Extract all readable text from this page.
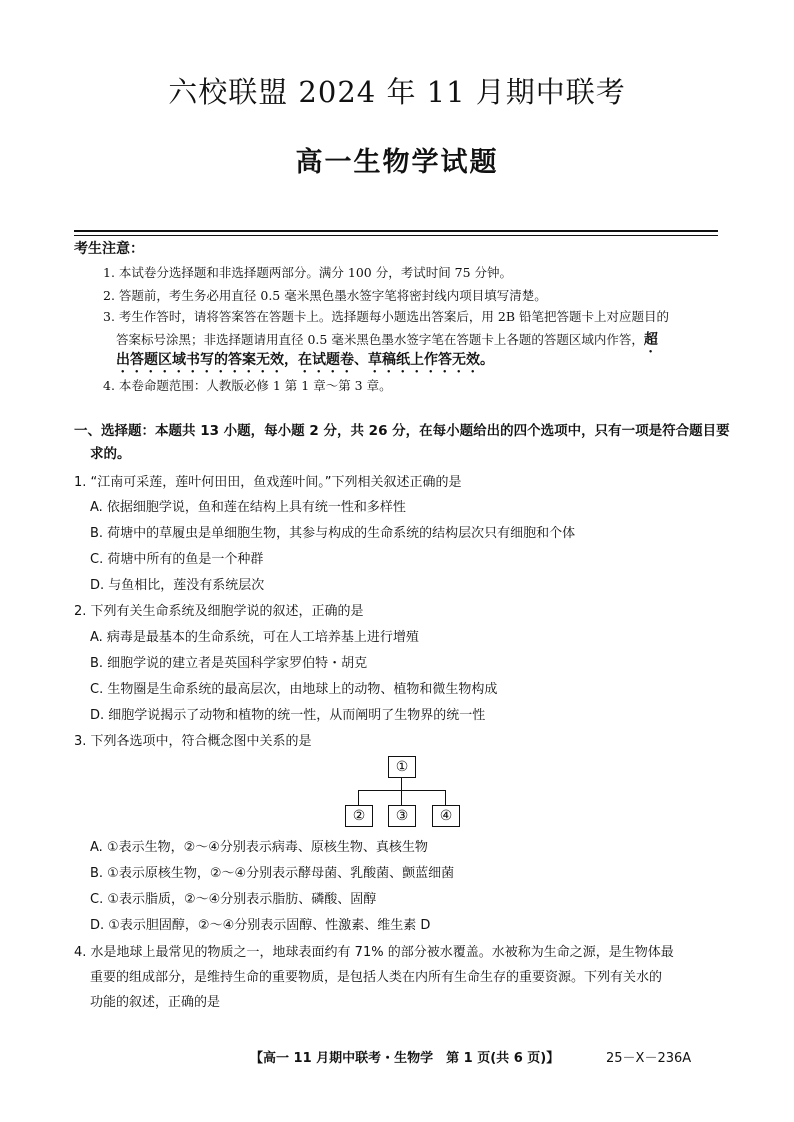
六校联盟 2024 年 11 月期中联考
高一生物学试题
考生注意：
1. 本试卷分选择题和非选择题两部分。满分 100 分，考试时间 75 分钟。
2. 答题前，考生务必用直径 0.5 毫米黑色墨水签字笔将密封线内项目填写清楚。
3. 考生作答时，请将答案答在答题卡上。选择题每小题选出答案后，用 2B 铅笔把答题卡上对应题目的
答案标号涂黑；非选择题请用直径 0.5 毫米黑色墨水签字笔在答题卡上各题的答题区域内作答，超
出答题区域书写的答案无效，在试题卷、草稿纸上作答无效。
4. 本卷命题范围：人教版必修 1 第 1 章～第 3 章。
一、选择题：本题共 13 小题，每小题 2 分，共 26 分，在每小题给出的四个选项中，只有一项是符合题目要
求的。
1. “江南可采莲，莲叶何田田，鱼戏莲叶间。”下列相关叙述正确的是
A. 依据细胞学说，鱼和莲在结构上具有统一性和多样性
B. 荷塘中的草履虫是单细胞生物，其参与构成的生命系统的结构层次只有细胞和个体
C. 荷塘中所有的鱼是一个种群
D. 与鱼相比，莲没有系统层次
2. 下列有关生命系统及细胞学说的叙述，正确的是
A. 病毒是最基本的生命系统，可在人工培养基上进行增殖
B. 细胞学说的建立者是英国科学家罗伯特・胡克
C. 生物圈是生命系统的最高层次，由地球上的动物、植物和微生物构成
D. 细胞学说揭示了动物和植物的统一性，从而阐明了生物界的统一性
3. 下列各选项中，符合概念图中关系的是
①
②	③	④
A. ①表示生物，②～④分别表示病毒、原核生物、真核生物
B. ①表示原核生物，②～④分别表示酵母菌、乳酸菌、颤蓝细菌
C. ①表示脂质，②～④分别表示脂肪、磷酸、固醇
D. ①表示胆固醇，②～④分别表示固醇、性激素、维生素 D
4. 水是地球上最常见的物质之一，地球表面约有 71% 的部分被水覆盖。水被称为生命之源，是生物体最
重要的组成部分，是维持生命的重要物质，是包括人类在内所有生命生存的重要资源。下列有关水的
功能的叙述，正确的是
【高一 11 月期中联考・生物学　第 1 页(共 6 页)】	25－X－236A
